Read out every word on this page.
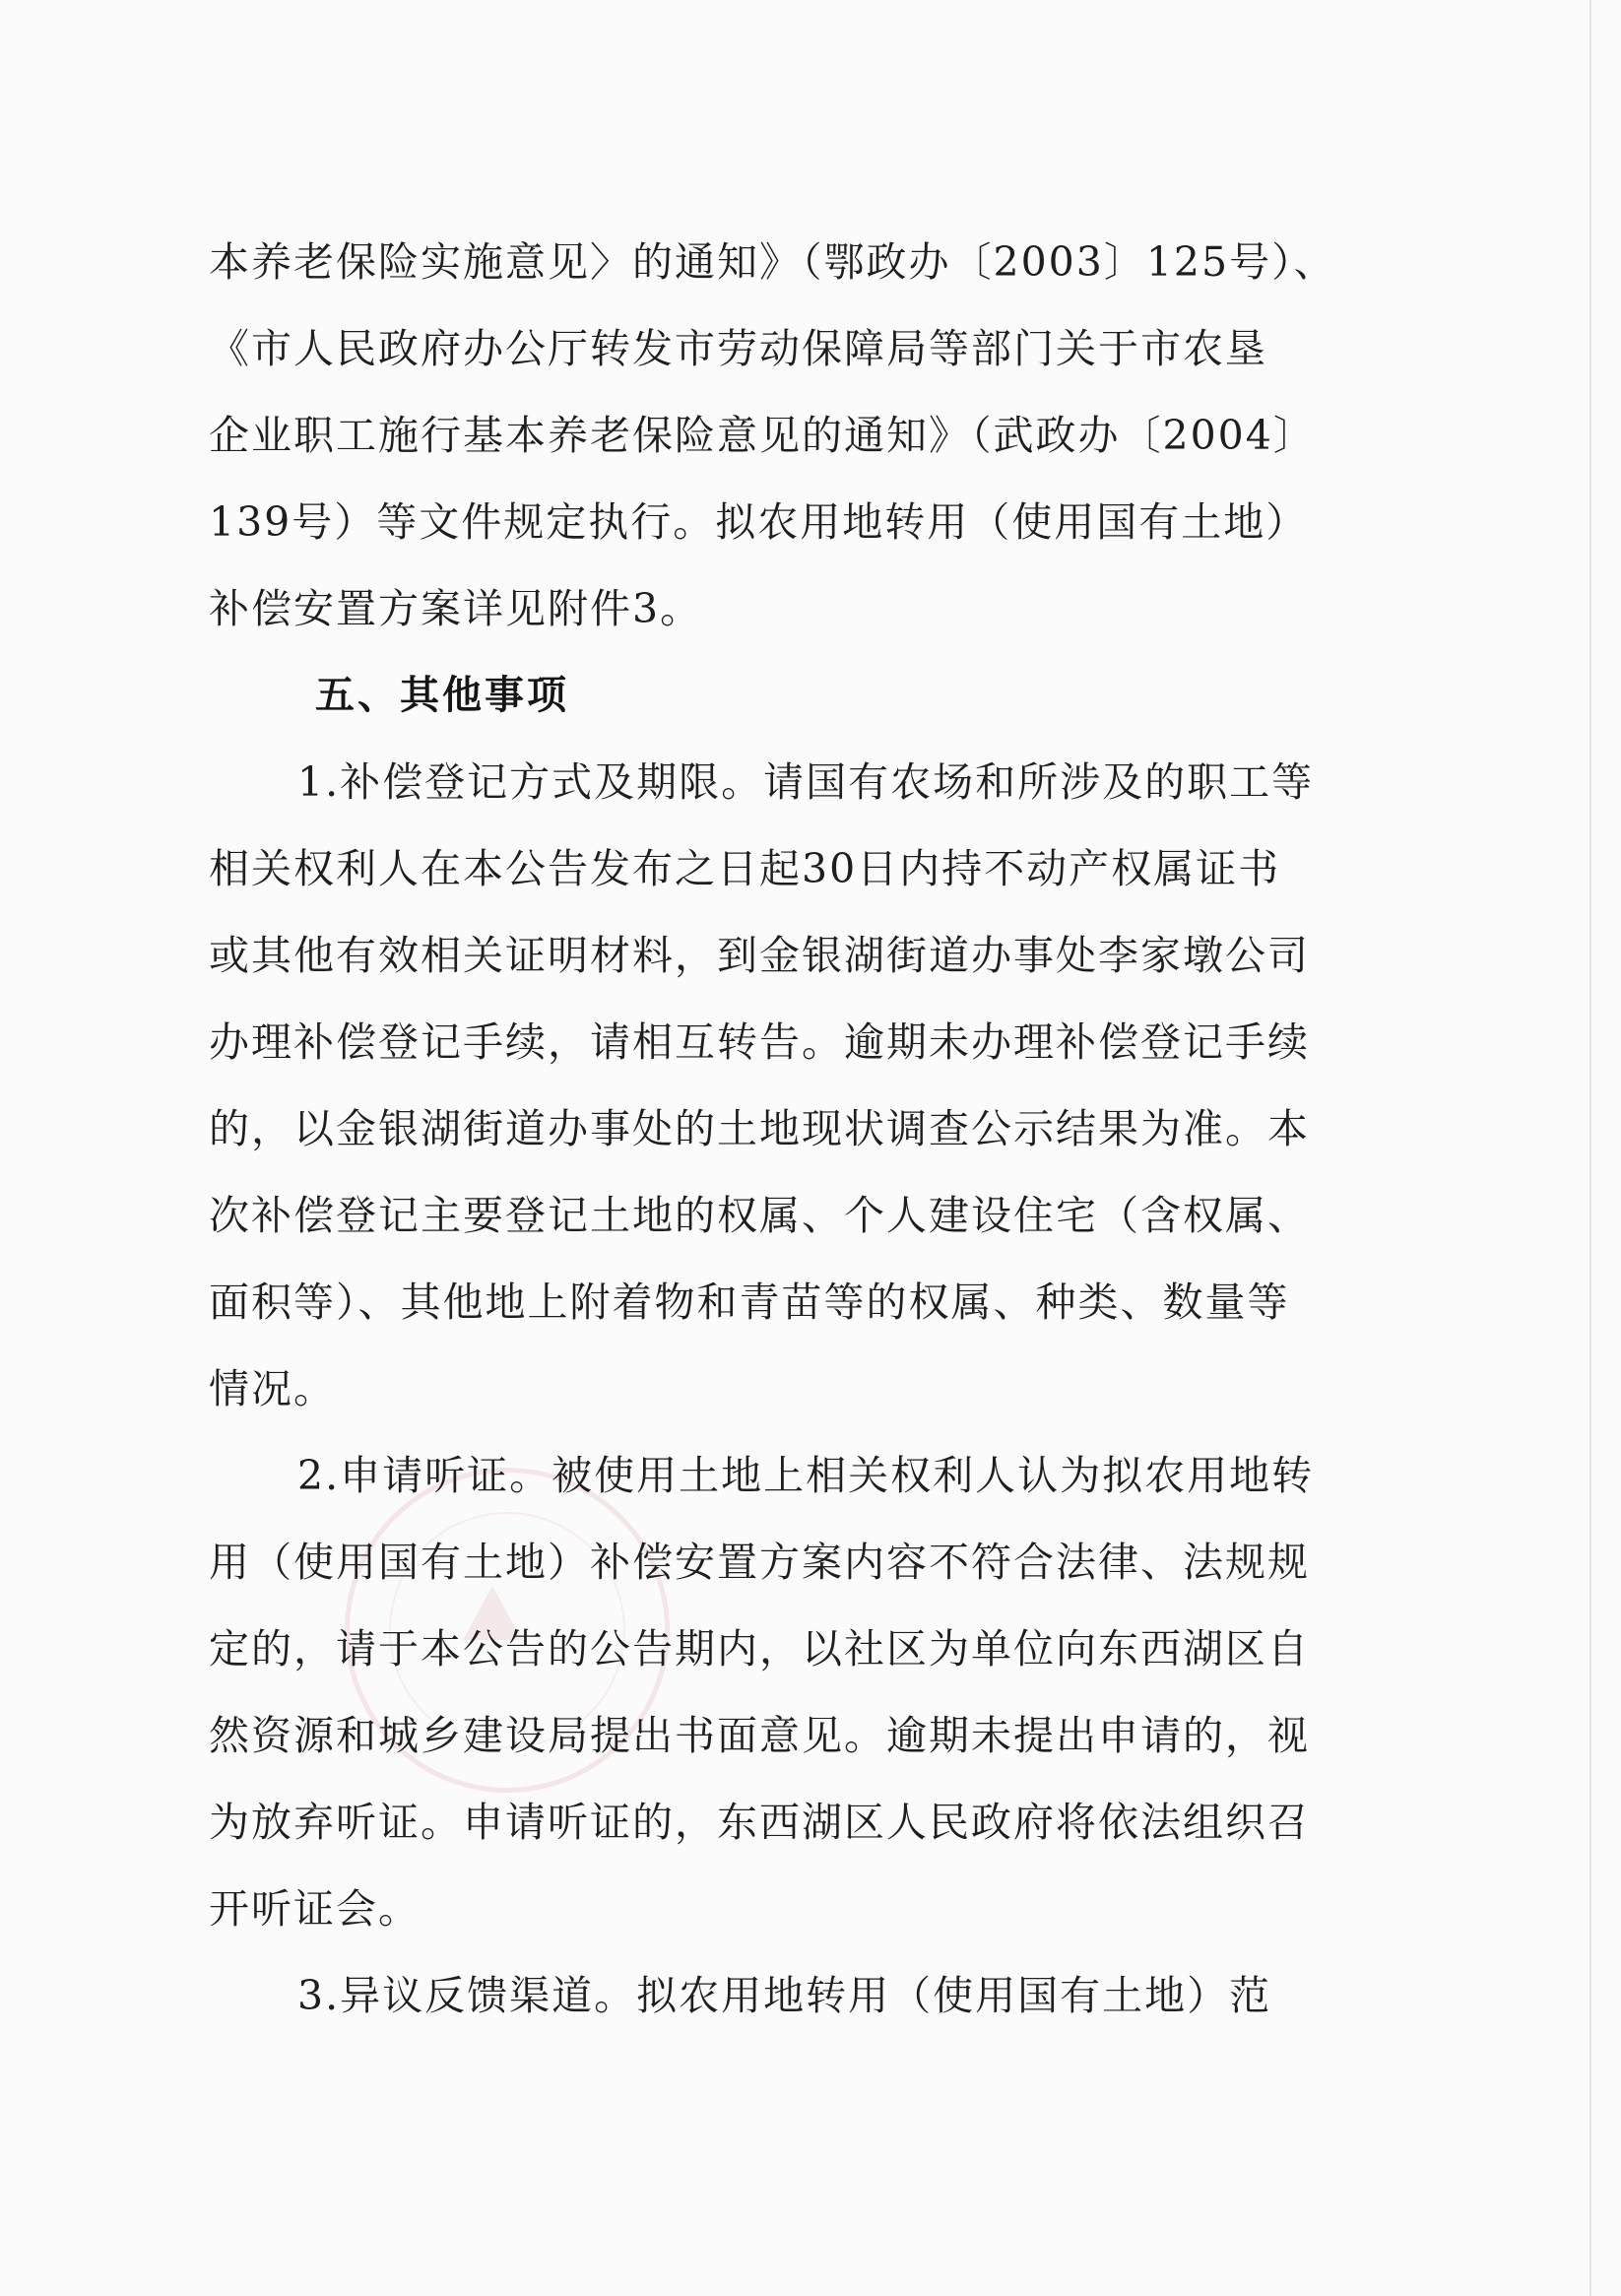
本养老保险实施意见〉的通知》（鄂政办〔2003〕125号）、
《市人民政府办公厅转发市劳动保障局等部门关于市农垦
企业职工施行基本养老保险意见的通知》（武政办〔2004〕
139号）等文件规定执行。拟农用地转用（使用国有土地）
补偿安置方案详见附件3。
五、其他事项
1.补偿登记方式及期限。请国有农场和所涉及的职工等
相关权利人在本公告发布之日起30日内持不动产权属证书
或其他有效相关证明材料，到金银湖街道办事处李家墩公司
办理补偿登记手续，请相互转告。逾期未办理补偿登记手续
的，以金银湖街道办事处的土地现状调查公示结果为准。本
次补偿登记主要登记土地的权属、个人建设住宅（含权属、
面积等）、其他地上附着物和青苗等的权属、种类、数量等
情况。
2.申请听证。被使用土地上相关权利人认为拟农用地转
用（使用国有土地）补偿安置方案内容不符合法律、法规规
定的，请于本公告的公告期内，以社区为单位向东西湖区自
然资源和城乡建设局提出书面意见。逾期未提出申请的，视
为放弃听证。申请听证的，东西湖区人民政府将依法组织召
开听证会。
3.异议反馈渠道。拟农用地转用（使用国有土地）范
